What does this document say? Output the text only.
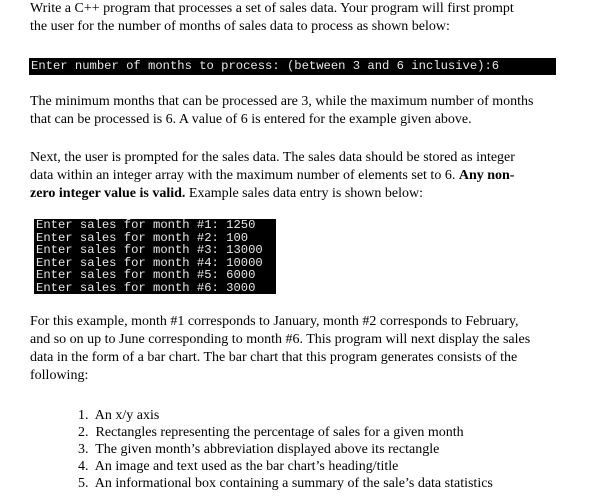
Write a C++ program that processes a set of sales data. Your program will first prompt
the user for the number of months of sales data to process as shown below:

Enter number of months to process: (between 3 and 6 inclusive):6

The minimum months that can be processed are 3, while the maximum number of months
that can be processed is 6. A value of 6 is entered for the example given above.

Next, the user is prompted for the sales data. The sales data should be stored as integer
data within an integer array with the maximum number of elements set to 6. Any non-
zero integer value is valid. Example sales data entry is shown below:

Enter sales for month #1: 1250
Enter sales for month #2: 100
Enter sales for month #3: 13000
Enter sales for month #4: 10000
Enter sales for month #5: 6000
Enter sales for month #6: 3000

For this example, month #1 corresponds to January, month #2 corresponds to February,
and so on up to June corresponding to month #6. This program will next display the sales
data in the form of a bar chart. The bar chart that this program generates consists of the
following:

1. An x/y axis
2. Rectangles representing the percentage of sales for a given month
3. The given month’s abbreviation displayed above its rectangle
4. An image and text used as the bar chart’s heading/title
5. An informational box containing a summary of the sale’s data statistics
